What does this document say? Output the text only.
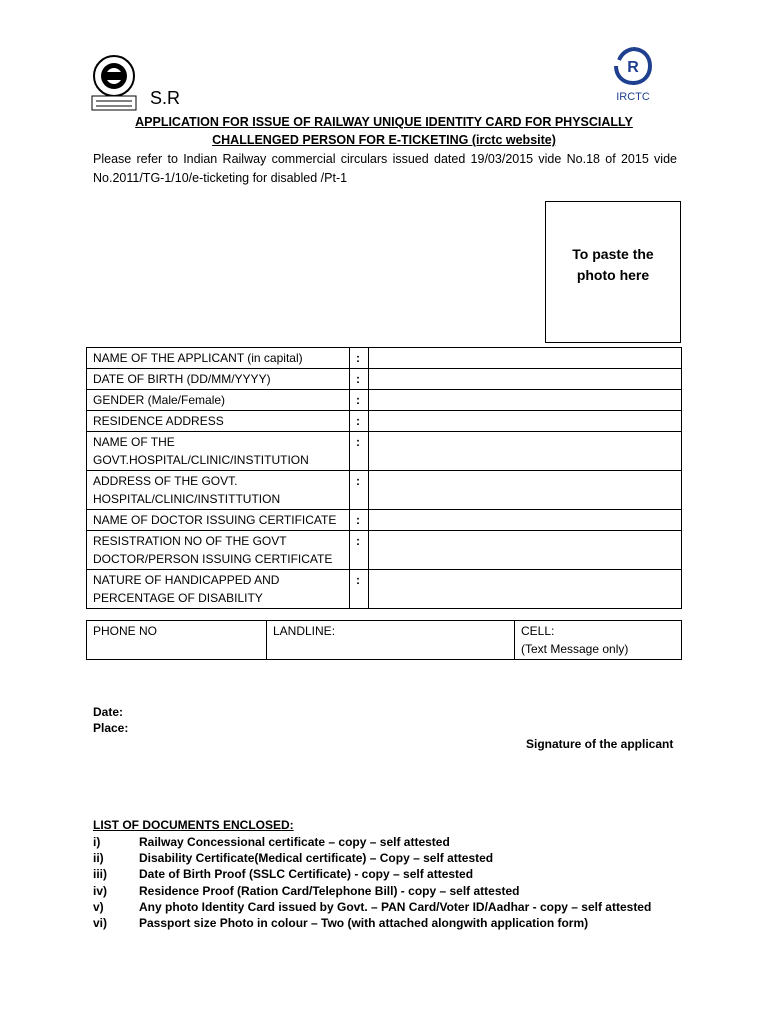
S.R
R
IRCTC
APPLICATION FOR ISSUE OF RAILWAY UNIQUE IDENTITY CARD FOR PHYSCIALLY
CHALLENGED PERSON FOR E-TICKETING (irctc website)
Please refer to Indian Railway commercial circulars issued dated 19/03/2015 vide No.18 of 2015 vide No.2011/TG-1/10/e-ticketing for disabled /Pt-1
To paste the
photo here
NAME OF THE APPLICANT (in capital)	:	
DATE OF BIRTH (DD/MM/YYYY)	:	
GENDER (Male/Female)	:	
RESIDENCE ADDRESS	:	
NAME OF THE GOVT.HOSPITAL/CLINIC/INSTITUTION	:	
ADDRESS OF THE GOVT. HOSPITAL/CLINIC/INSTITTUTION	:	
NAME OF DOCTOR ISSUING CERTIFICATE	:	
RESISTRATION NO OF THE GOVT DOCTOR/PERSON ISSUING CERTIFICATE	:	
NATURE OF HANDICAPPED AND PERCENTAGE OF DISABILITY	:	
PHONE NO	LANDLINE:	CELL:
(Text Message only)
Date:
Place:
Signature of the applicant
LIST OF DOCUMENTS ENCLOSED:
i)	Railway Concessional certificate – copy – self attested
ii)	Disability Certificate(Medical certificate) – Copy – self attested
iii)	Date of Birth Proof (SSLC Certificate) - copy – self attested
iv)	Residence Proof (Ration Card/Telephone Bill) - copy – self attested
v)	Any photo Identity Card issued by Govt. – PAN Card/Voter ID/Aadhar - copy – self attested
vi)	Passport size Photo in colour – Two (with attached alongwith application form)
